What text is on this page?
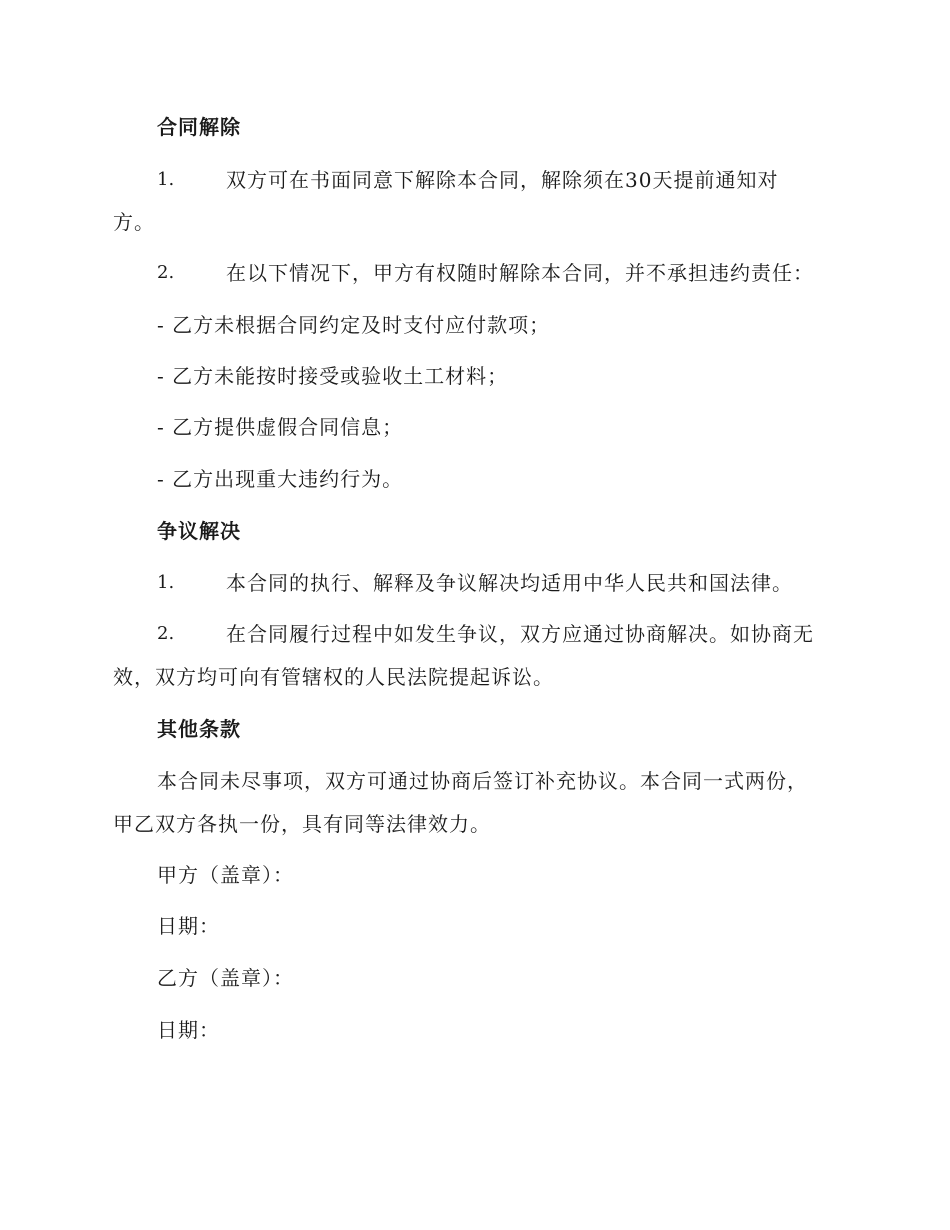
合同解除
1.	双方可在书面同意下解除本合同，解除须在30天提前通知对
方。
2.	在以下情况下，甲方有权随时解除本合同，并不承担违约责任：
- 乙方未根据合同约定及时支付应付款项；
- 乙方未能按时接受或验收土工材料；
- 乙方提供虚假合同信息；
- 乙方出现重大违约行为。
争议解决
1.	本合同的执行、解释及争议解决均适用中华人民共和国法律。
2.	在合同履行过程中如发生争议，双方应通过协商解决。如协商无
效，双方均可向有管辖权的人民法院提起诉讼。
其他条款
本合同未尽事项，双方可通过协商后签订补充协议。本合同一式两份，
甲乙双方各执一份，具有同等法律效力。
甲方（盖章）：
日期：
乙方（盖章）：
日期：
